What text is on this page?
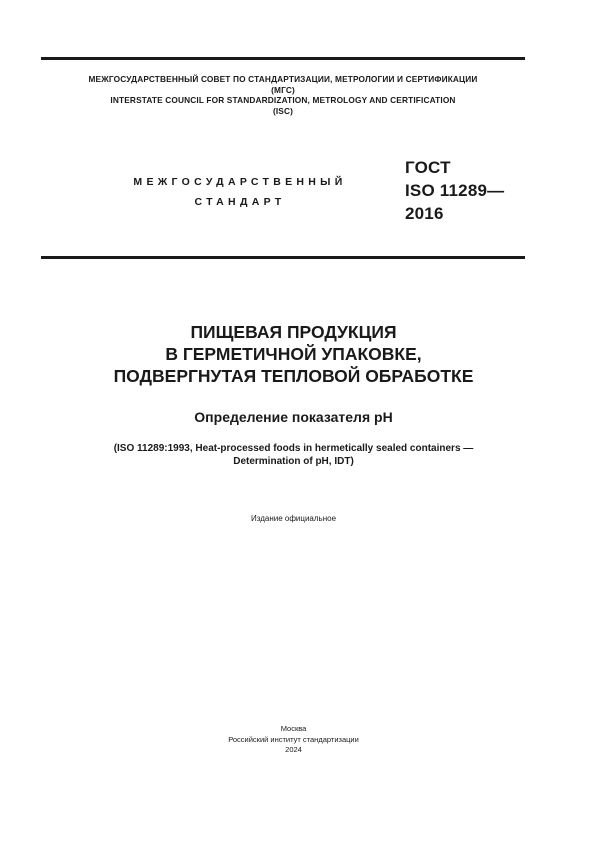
МЕЖГОСУДАРСТВЕННЫЙ СОВЕТ ПО СТАНДАРТИЗАЦИИ, МЕТРОЛОГИИ И СЕРТИФИКАЦИИ
(МГС)
INTERSTATE COUNCIL FOR STANDARDIZATION, METROLOGY AND CERTIFICATION
(ISC)
МЕЖГОСУДАРСТВЕННЫЙ
СТАНДАРТ
ГОСТ
ISO 11289—
2016
ПИЩЕВАЯ ПРОДУКЦИЯ
В ГЕРМЕТИЧНОЙ УПАКОВКЕ,
ПОДВЕРГНУТАЯ ТЕПЛОВОЙ ОБРАБОТКЕ
Определение показателя pH
(ISO 11289:1993, Heat-processed foods in hermetically sealed containers —
Determination of pH, IDT)
Издание официальное
Москва
Российский институт стандартизации
2024
